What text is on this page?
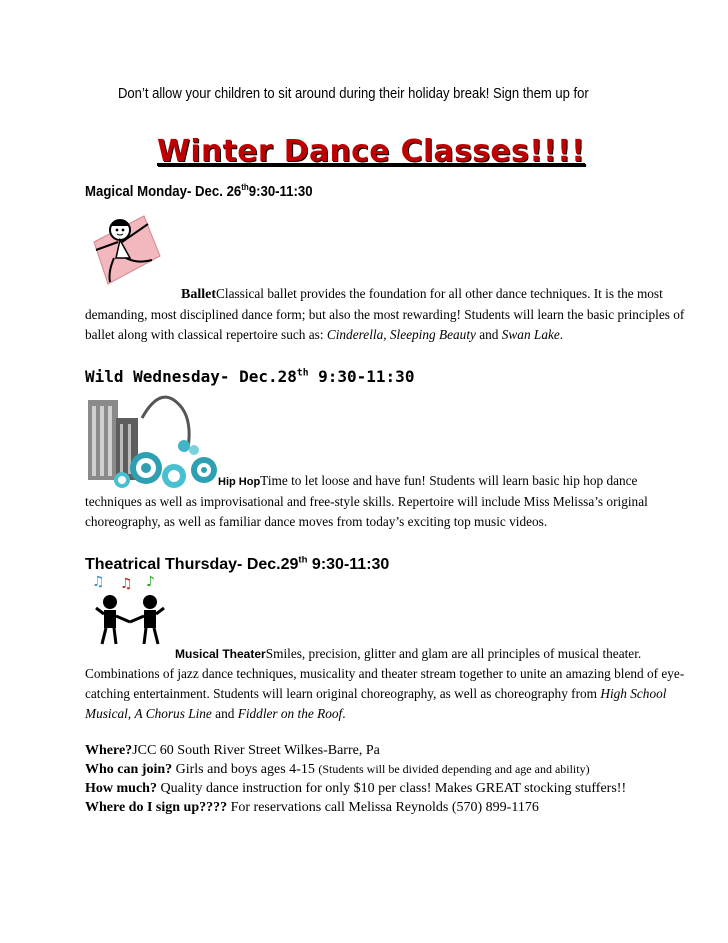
Don’t allow your children to sit around during their holiday break! Sign them up for
Winter Dance Classes!!!!
Magical Monday- Dec. 26th9:30-11:30
BalletClassical ballet provides the foundation for all other dance techniques. It is the most demanding, most disciplined dance form; but also the most rewarding! Students will learn the basic principles of ballet along with classical repertoire such as: Cinderella, Sleeping Beauty and Swan Lake.
Wild Wednesday- Dec.28th 9:30-11:30
Hip HopTime to let loose and have fun! Students will learn basic hip hop dance techniques as well as improvisational and free-style skills. Repertoire will include Miss Melissa’s original choreography, as well as familiar dance moves from today’s exciting top music videos.
Theatrical Thursday- Dec.29th 9:30-11:30
♫ ♫ ♪
Musical TheaterSmiles, precision, glitter and glam are all principles of musical theater. Combinations of jazz dance techniques, musicality and theater stream together to unite an amazing blend of eye-catching entertainment. Students will learn original choreography, as well as choreography from High School Musical, A Chorus Line and Fiddler on the Roof.
Where?JCC 60 South River Street Wilkes-Barre, Pa
Who can join? Girls and boys ages 4-15 (Students will be divided depending and age and ability)
How much? Quality dance instruction for only $10 per class! Makes GREAT stocking stuffers!!
Where do I sign up???? For reservations call Melissa Reynolds (570) 899-1176
